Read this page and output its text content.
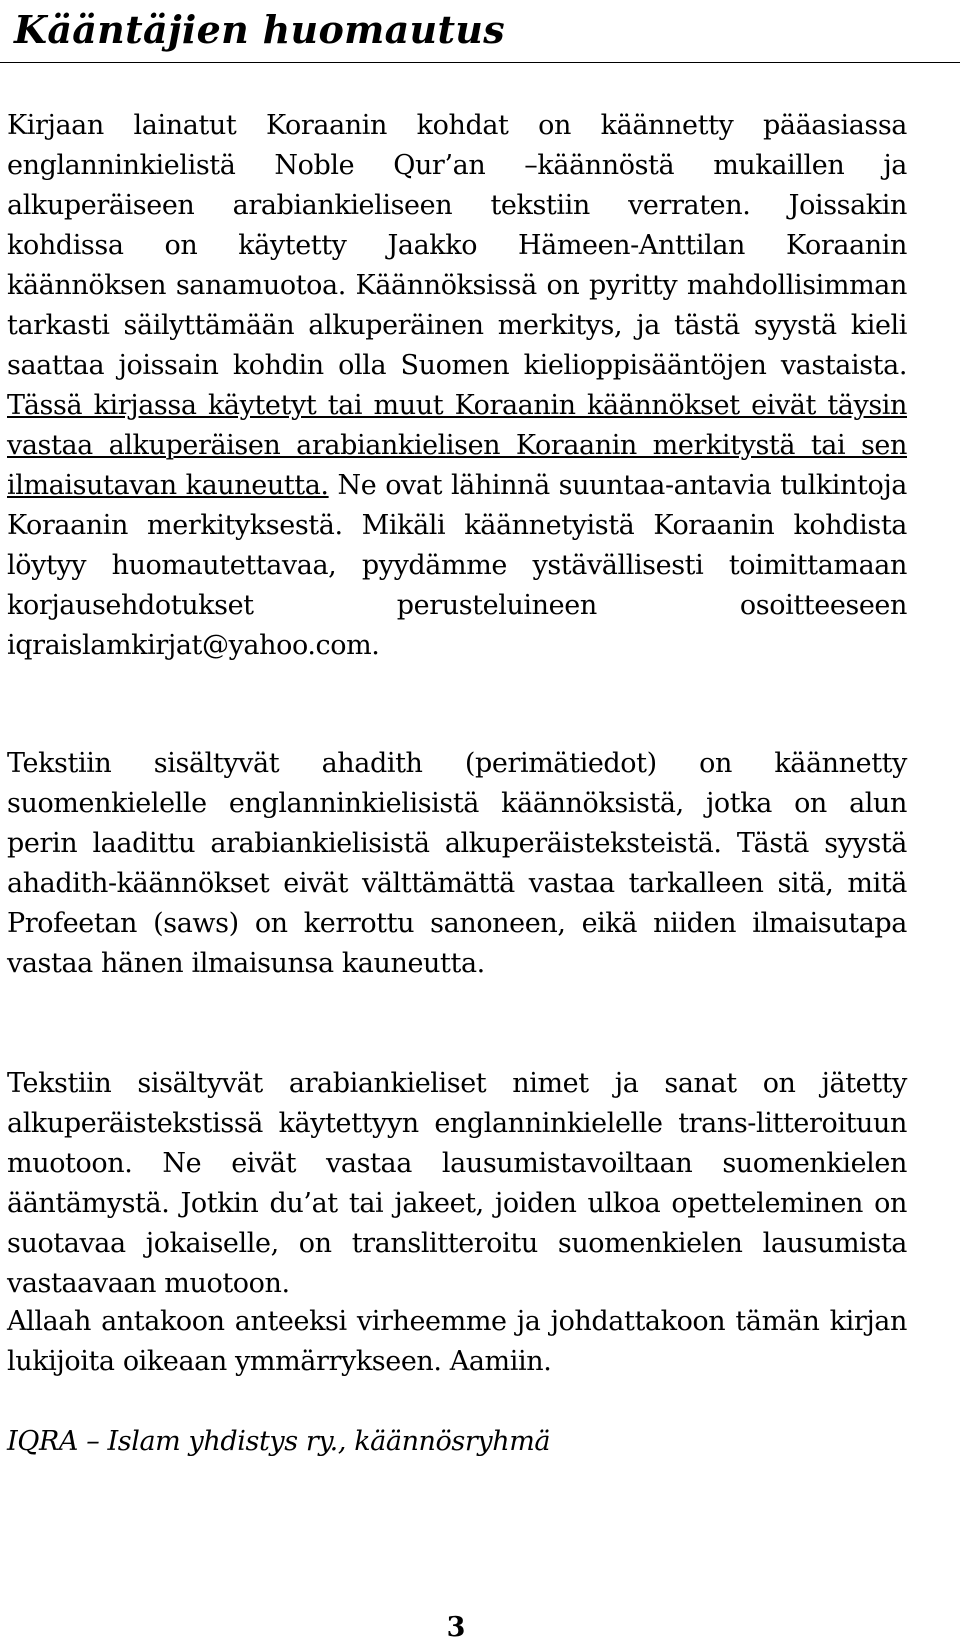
Kääntäjien huomautus

Kirjaan lainatut Koraanin kohdat on käännetty pääasiassa englanninkielistä Noble Qur’an –käännöstä mukaillen ja alkuperäiseen arabiankieliseen tekstiin verraten. Joissakin kohdissa on käytetty Jaakko Hämeen-Anttilan Koraanin käännöksen sanamuotoa. Käännöksissä on pyritty mahdollisimman tarkasti säilyttämään alkuperäinen merkitys, ja tästä syystä kieli saattaa joissain kohdin olla Suomen kielioppisääntöjen vastaista. Tässä kirjassa käytetyt tai muut Koraanin käännökset eivät täysin vastaa alkuperäisen arabiankielisen Koraanin merkitystä tai sen ilmaisutavan kauneutta. Ne ovat lähinnä suuntaa-antavia tulkintoja Koraanin merkityksestä. Mikäli käännetyistä Koraanin kohdista löytyy huomautettavaa, pyydämme ystävällisesti toimittamaan korjausehdotukset perusteluineen osoitteeseen iqraislamkirjat@yahoo.com.

Tekstiin sisältyvät ahadith (perimätiedot) on käännetty suomenkielelle englanninkielisistä käännöksistä, jotka on alun perin laadittu arabiankielisistä alkuperäisteksteistä. Tästä syystä ahadith-käännökset eivät välttämättä vastaa tarkalleen sitä, mitä Profeetan (saws) on kerrottu sanoneen, eikä niiden ilmaisutapa vastaa hänen ilmaisunsa kauneutta.

Tekstiin sisältyvät arabiankieliset nimet ja sanat on jätetty alkuperäistekstissä käytettyyn englanninkielelle trans-litteroituun muotoon. Ne eivät vastaa lausumistavoiltaan suomenkielen ääntämystä. Jotkin du’at tai jakeet, joiden ulkoa opetteleminen on suotavaa jokaiselle, on translitteroitu suomenkielen lausumista vastaavaan muotoon.

Allaah antakoon anteeksi virheemme ja johdattakoon tämän kirjan lukijoita oikeaan ymmärrykseen. Aamiin.

IQRA – Islam yhdistys ry., käännösryhmä

3
